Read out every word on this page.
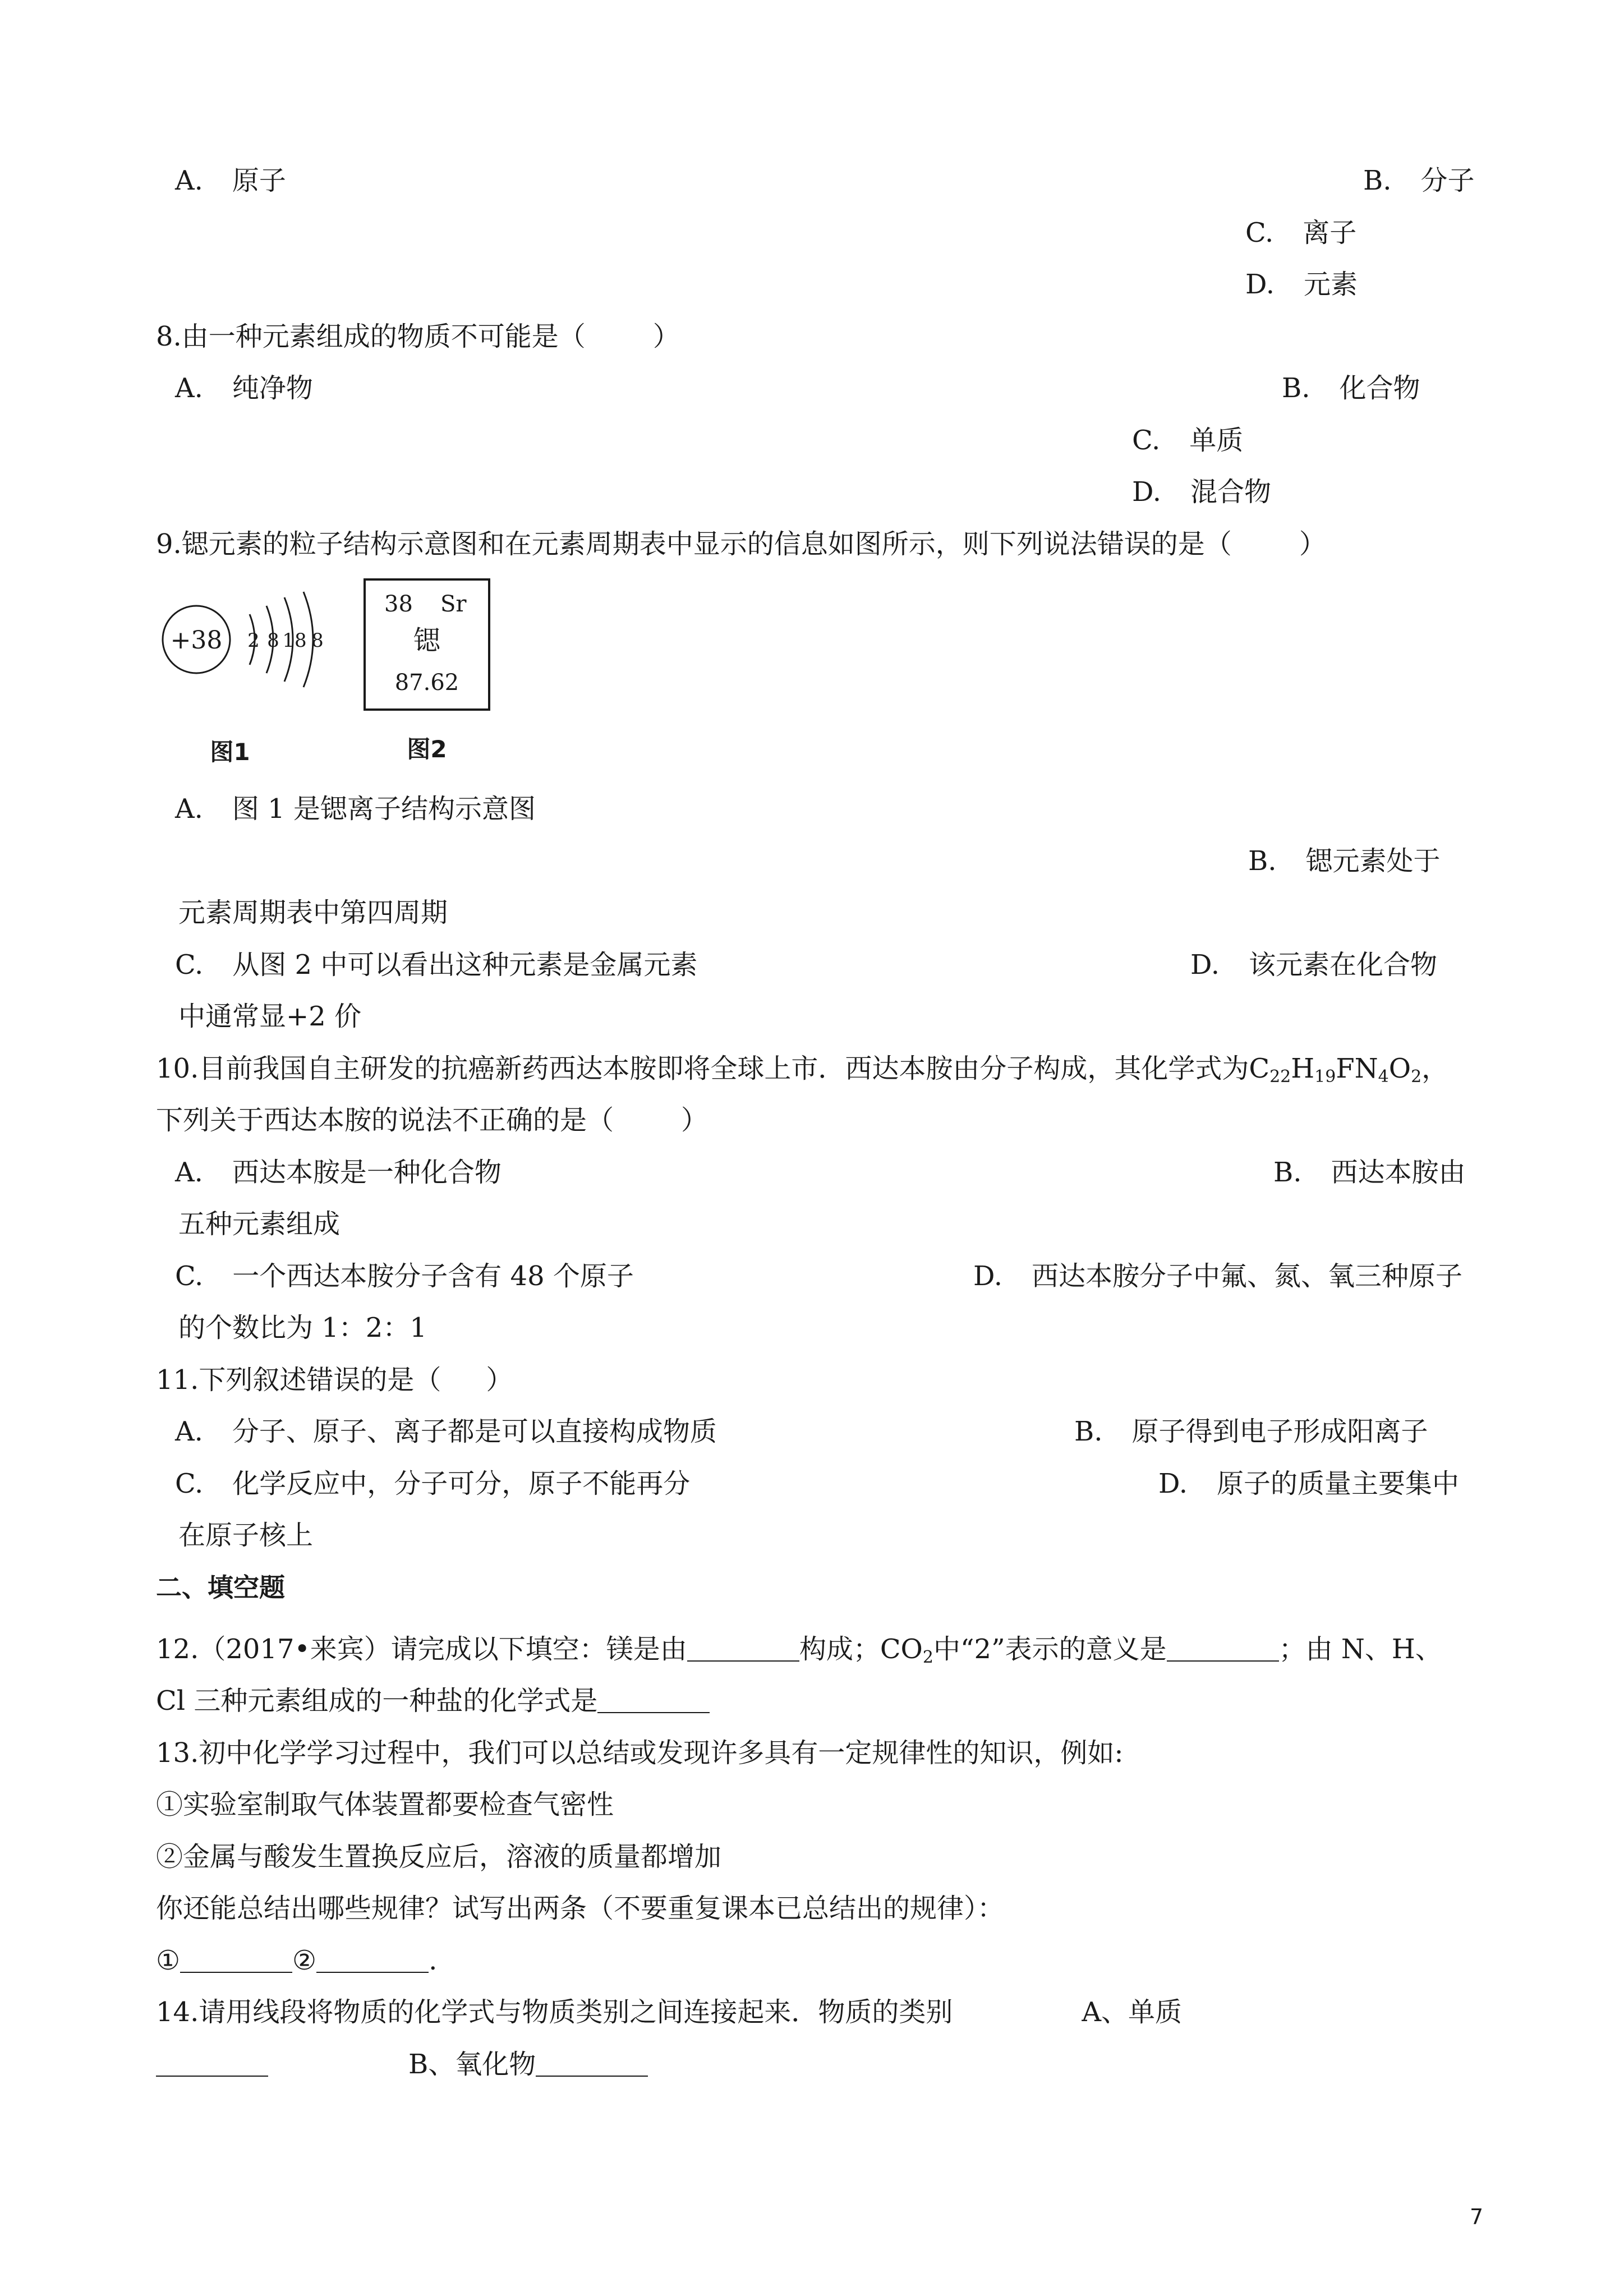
A. 原子	B. 分子
C. 离子
D. 元素
8.由一种元素组成的物质不可能是（	）
A. 纯净物	B. 化合物
C. 单质
D. 混合物
9.锶元素的粒子结构示意图和在元素周期表中显示的信息如图所示，则下列说法错误的是（	）
+38 2 8 18 8
图1
38 Sr
锶
87.62
图2
A. 图 1 是锶离子结构示意图
B. 锶元素处于
元素周期表中第四周期
C. 从图 2 中可以看出这种元素是金属元素	D. 该元素在化合物
中通常显+2 价
10.目前我国自主研发的抗癌新药西达本胺即将全球上市．西达本胺由分子构成，其化学式为$C_{22}H_{19}FN_4O_2$，
下列关于西达本胺的说法不正确的是（	）
A. 西达本胺是一种化合物	B. 西达本胺由
五种元素组成
C. 一个西达本胺分子含有 48 个原子	D. 西达本胺分子中氟、氮、氧三种原子
的个数比为 1：2：1
11.下列叙述错误的是（ ）
A. 分子、原子、离子都是可以直接构成物质	B. 原子得到电子形成阳离子
C. 化学反应中，分子可分，原子不能再分	D. 原子的质量主要集中
在原子核上
二、填空题
12.（2017•来宾）请完成以下填空：镁是由	构成；$CO_2$中“2”表示的意义是	；由 N、H、
Cl 三种元素组成的一种盐的化学式是
13.初中化学学习过程中，我们可以总结或发现许多具有一定规律性的知识，例如:
①实验室制取气体装置都要检查气密性
②金属与酸发生置换反应后，溶液的质量都增加
你还能总结出哪些规律？试写出两条（不要重复课本已总结出的规律）：
①	②	.
14.请用线段将物质的化学式与物质类别之间连接起来．物质的类别	A、单质
B、氧化物
7
